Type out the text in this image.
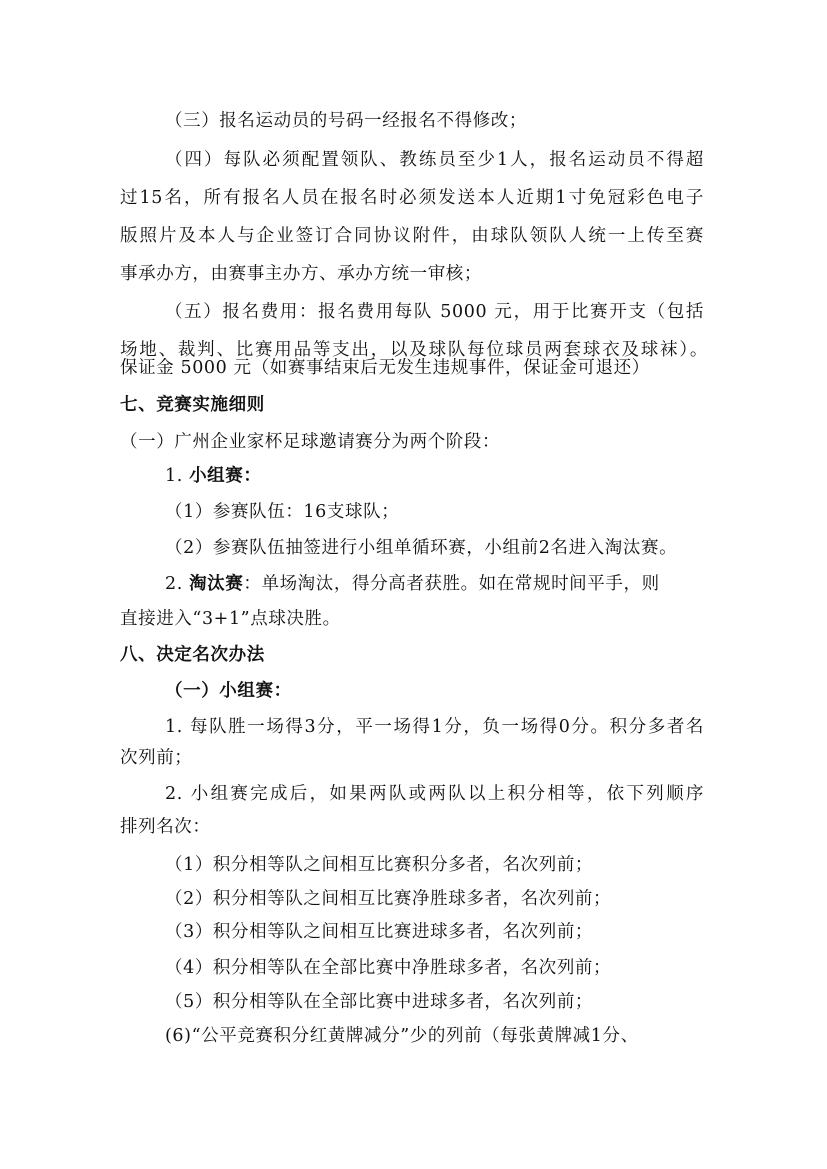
（三）报名运动员的号码一经报名不得修改；
（四）每队必须配置领队、教练员至少1人，报名运动员不得超
过15名，所有报名人员在报名时必须发送本人近期1寸免冠彩色电子
版照片及本人与企业签订合同协议附件，由球队领队人统一上传至赛
事承办方，由赛事主办方、承办方统一审核；
（五）报名费用：报名费用每队 5000 元，用于比赛开支（包括
场地、裁判、比赛用品等支出，以及球队每位球员两套球衣及球袜）。
保证金 5000 元（如赛事结束后无发生违规事件，保证金可退还）
七、竞赛实施细则
（一）广州企业家杯足球邀请赛分为两个阶段：
1. 小组赛：
（1）参赛队伍：16支球队；
（2）参赛队伍抽签进行小组单循环赛，小组前2名进入淘汰赛。
2. 淘汰赛：单场淘汰，得分高者获胜。如在常规时间平手，则
直接进入“3+1”点球决胜。
八、决定名次办法
（一）小组赛：
1. 每队胜一场得3分，平一场得1分，负一场得0分。积分多者名
次列前；
2. 小组赛完成后，如果两队或两队以上积分相等，依下列顺序
排列名次：
（1）积分相等队之间相互比赛积分多者，名次列前；
（2）积分相等队之间相互比赛净胜球多者，名次列前；
（3）积分相等队之间相互比赛进球多者，名次列前；
（4）积分相等队在全部比赛中净胜球多者，名次列前；
（5）积分相等队在全部比赛中进球多者，名次列前；
(6)“公平竞赛积分红黄牌减分”少的列前（每张黄牌减1分、
